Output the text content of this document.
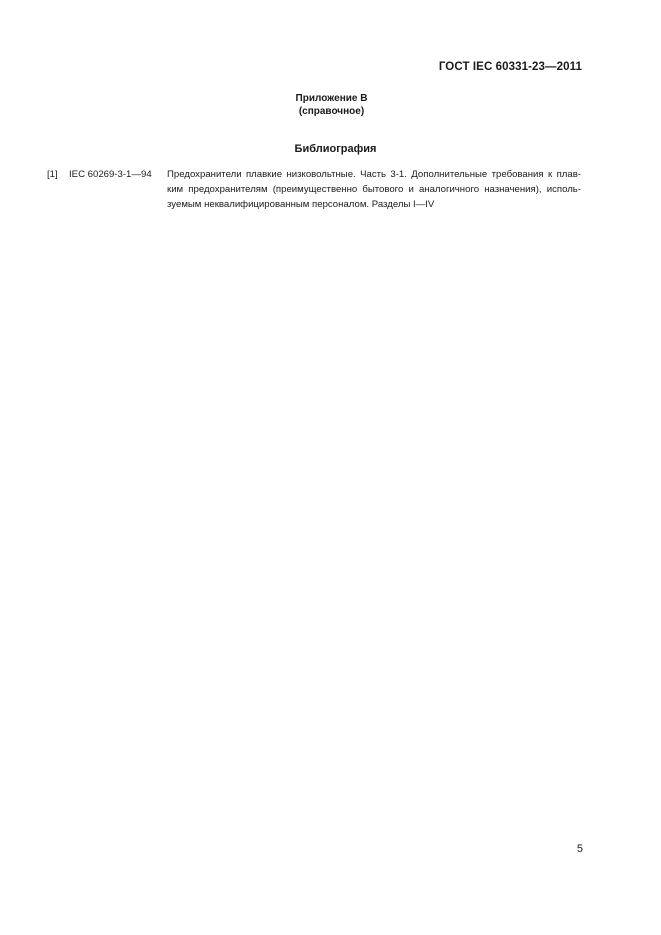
ГОСТ IEC 60331-23—2011
Приложение В
(справочное)
Библиография
[1] IEC 60269-3-1—94 Предохранители плавкие низковольтные. Часть 3-1. Дополнительные требования к плав-
ким предохранителям (преимущественно бытового и аналогичного назначения), исполь-
зуемым неквалифицированным персоналом. Разделы I—IV
5
